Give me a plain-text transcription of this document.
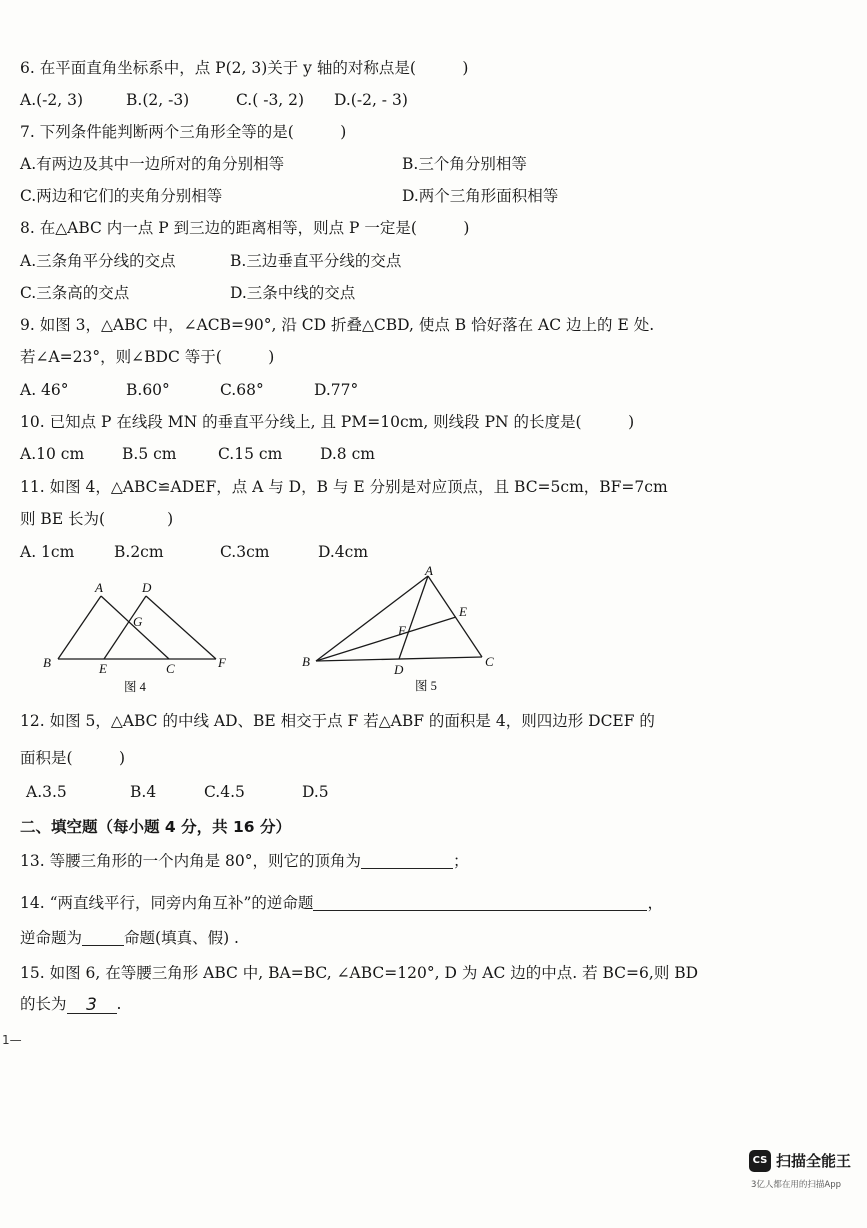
6. 在平面直角坐标系中，点 P(2, 3)关于 y 轴的对称点是(　　　)
A.(-2, 3)	B.(2, -3)	C.( -3, 2) D.(-2, - 3)
7. 下列条件能判断两个三角形全等的是(　　　)
A.有两边及其中一边所对的角分别相等	B.三个角分别相等
C.两边和它们的夹角分别相等	D.两个三角形面积相等
8. 在△ABC 内一点 P 到三边的距离相等，则点 P 一定是(　　　)
A.三条角平分线的交点	B.三边垂直平分线的交点
C.三条高的交点	D.三条中线的交点
9. 如图 3，△ABC 中，∠ACB=90°, 沿 CD 折叠△CBD, 使点 B 恰好落在 AC 边上的 E 处.
若∠A=23°，则∠BDC 等于(　　　)
A. 46°	B.60°	C.68°	D.77°
10. 已知点 P 在线段 MN 的垂直平分线上, 且 PM=10cm, 则线段 PN 的长度是(　　　)
A.10 cm B.5 cm	C.15 cm D.8 cm
11. 如图 4，△ABC≌ADEF，点 A 与 D，B 与 E 分别是对应顶点，且 BC=5cm，BF=7cm
则 BE 长为(　　　　)
A. 1cm	B.2cm	C.3cm	D.4cm
A	D
G
B	E	C	F
图 4
A
E
F
B
D
C
图 5
12. 如图 5，△ABC 的中线 AD、BE 相交于点 F 若△ABF 的面积是 4，则四边形 DCEF 的
面积是(　　　)
A.3.5	B.4	C.4.5	D.5
二、填空题（每小题 4 分，共 16 分）
13. 等腰三角形的一个内角是 80°，则它的顶角为	；
14. “两直线平行，同旁内角互补”的逆命题	，
逆命题为	命题(填真、假) .
15. 如图 6, 在等腰三角形 ABC 中, BA=BC, ∠ABC=120°, D 为 AC 边的中点. 若 BC=6,则 BD
的长为 3 .
1—
CS 扫描全能王
3亿人都在用的扫描App
